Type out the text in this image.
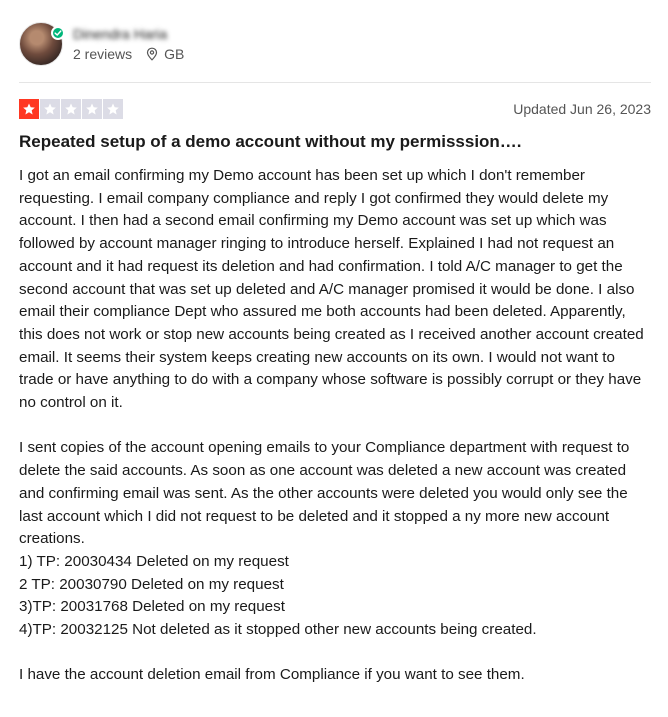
Dinendra Haria
2 reviews GB
Updated Jun 26, 2023
Repeated setup of a demo account without my permisssion….

I got an email confirming my Demo account has been set up which I don't remember requesting. I email company compliance and reply I got confirmed they would delete my account. I then had a second email confirming my Demo account was set up which was followed by account manager ringing to introduce herself. Explained I had not request an account and it had request its deletion and had confirmation. I told A/C manager to get the second account that was set up deleted and A/C manager promised it would be done. I also email their compliance Dept who assured me both accounts had been deleted. Apparently, this does not work or stop new accounts being created as I received another account created email. It seems their system keeps creating new accounts on its own. I would not want to trade or have anything to do with a company whose software is possibly corrupt or they have no control on it.

I sent copies of the account opening emails to your Compliance department with request to delete the said accounts. As soon as one account was deleted a new account was created and confirming email was sent. As the other accounts were deleted you would only see the last account which I did not request to be deleted and it stopped a ny more new account creations.

1) TP: 20030434 Deleted on my request

2 TP: 20030790 Deleted on my request

3)TP: 20031768 Deleted on my request

4)TP: 20032125 Not deleted as it stopped other new accounts being created.

I have the account deletion email from Compliance if you want to see them.
